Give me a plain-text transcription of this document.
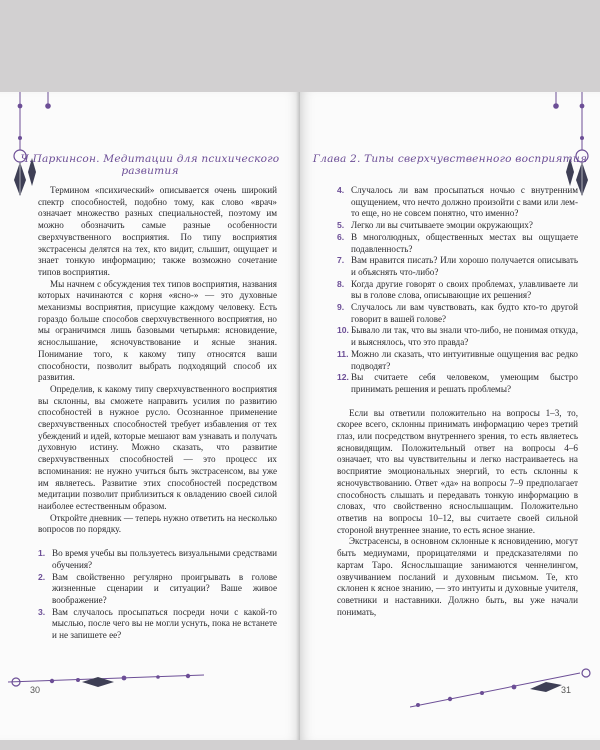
Ч.Паркинсон. Медитации для психического развития

Термином «психический» описывается очень широкий спектр способностей, подобно тому, как слово «врач» означает множество разных специальностей, поэтому им можно обозначить самые разные особенности сверхчувственного восприятия. По типу восприятия экстрасенсы делятся на тех, кто видит, слышит, ощущает и знает тонкую информацию; также возможно сочетание типов восприятия.

Мы начнем с обсуждения тех типов восприятия, названия которых начинаются с корня «ясно-» — это духовные механизмы восприятия, присущие каждому человеку. Есть гораздо больше способов сверхчувственного восприятия, но мы ограничимся лишь базовыми четырьмя: ясновидение, яснослышание, ясночувствование и ясные знания. Понимание того, к какому типу относятся ваши способности, позволит выбрать подходящий способ их развития.

Определив, к какому типу сверхчувственного восприятия вы склонны, вы сможете направить усилия по развитию способностей в нужное русло. Осознанное применение сверхчувственных способностей требует избавления от тех убеждений и идей, которые мешают вам узнавать и получать духовную истину. Можно сказать, что развитие сверхчувственных способностей — это процесс их вспоминания: не нужно учиться быть экстрасенсом, вы уже им являетесь. Развитие этих способностей посредством медитации позволит приблизиться к овладению своей силой наиболее естественным образом.

Откройте дневник — теперь нужно ответить на несколько вопросов по порядку.

1. Во время учебы вы пользуетесь визуальными средствами обучения?
2. Вам свойственно регулярно проигрывать в голове жизненные сценарии и ситуации? Ваше живое воображение?
3. Вам случалось просыпаться посреди ночи с какой-то мыслью, после чего вы не могли уснуть, пока не встанете и не запишете ее?
30
Глава 2. Типы сверхчувственного восприятия
4. Случалось ли вам просыпаться ночью с внутренним ощущением, что нечто должно произойти с вами или лем-то еще, но не совсем понятно, что именно?
5. Легко ли вы считываете эмоции окружающих?
6. В многолюдных, общественных местах вы ощущаете подавленность?
7. Вам нравится писать? Или хорошо получается описывать и объяснять что-либо?
8. Когда другие говорят о своих проблемах, улавливаете ли вы в голове слова, описывающие их решения?
9. Случалось ли вам чувствовать, как будто кто-то другой говорит в вашей голове?
10. Бывало ли так, что вы знали что-либо, не понимая откуда, и выяснялось, что это правда?
11. Можно ли сказать, что интуитивные ощущения вас редко подводят?
12. Вы считаете себя человеком, умеющим быстро принимать решения и решать проблемы?

Если вы ответили положительно на вопросы 1–3, то, скорее всего, склонны принимать информацию через третий глаз, или посредством внутреннего зрения, то есть являетесь ясновидящим. Положительный ответ на вопросы 4–6 означает, что вы чувствительны и легко настраиваетесь на восприятие эмоциональных энергий, то есть склонны к ясночувствованию. Ответ «да» на вопросы 7–9 предполагает способность слышать и передавать тонкую информацию в словах, что свойственно яснослышащим. Положительно ответив на вопросы 10–12, вы считаете своей сильной стороной внутреннее знание, то есть ясное знание.

Экстрасенсы, в основном склонные к ясновидению, могут быть медиумами, прорицателями и предсказателями по картам Таро. Яснослышащие занимаются ченнелингом, озвучиванием посланий и духовным письмом. Те, кто склонен к ясное знанию, — это интуиты и духовные учителя, советники и наставники. Должно быть, вы уже начали понимать,

31
